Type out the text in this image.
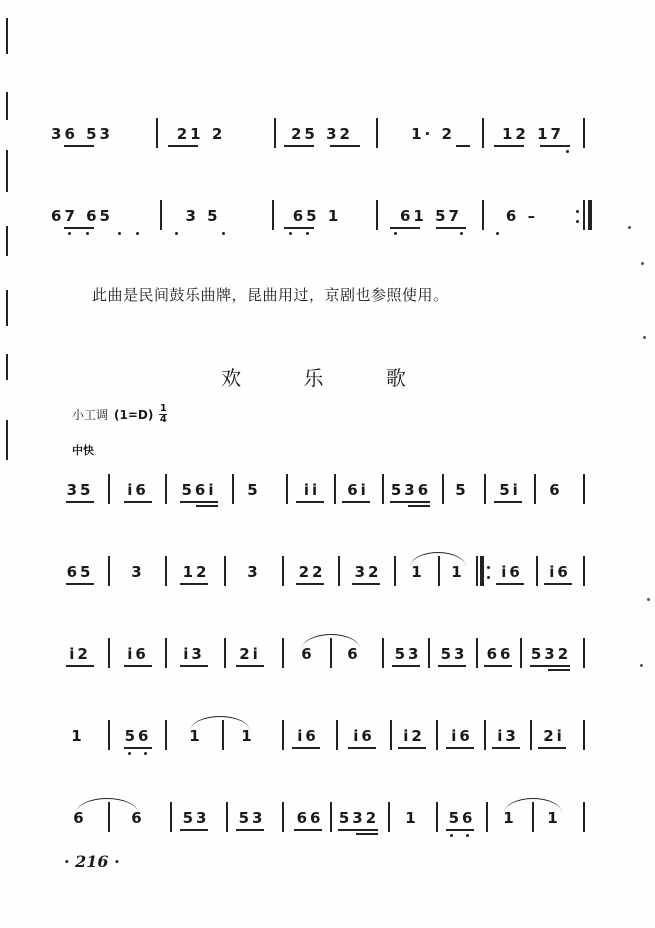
36 53	21 2	25 32	1· 2	12 17
67 65	3 5	65 1	61 57	6 –
此曲是民间鼓乐曲牌，昆曲用过，京剧也参照使用。
欢 乐 歌
小工调 $(1=D) \frac{1}{4}$
中快
35 i6 56i 5	ii 6i 536 5 5i 6
65	3	12	3	22 32 1 1 i6 i6
i2 i6 i3 2i	6 6 53 53 66 532
1	56	1	1	i6 i6 i2 i6 i3 2i
6	6	53 53 66 532 1 56 1 1
· 216 ·
